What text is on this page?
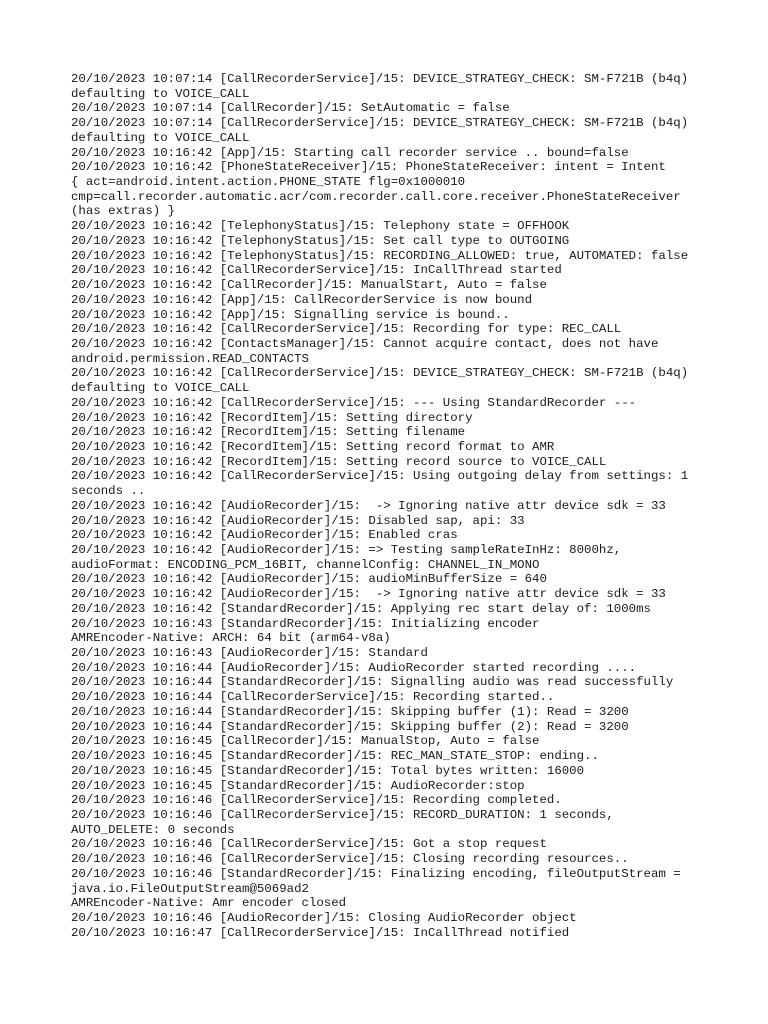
20/10/2023 10:07:14 [CallRecorderService]/15: DEVICE_STRATEGY_CHECK: SM-F721B (b4q)
defaulting to VOICE_CALL
20/10/2023 10:07:14 [CallRecorder]/15: SetAutomatic = false
20/10/2023 10:07:14 [CallRecorderService]/15: DEVICE_STRATEGY_CHECK: SM-F721B (b4q)
defaulting to VOICE_CALL
20/10/2023 10:16:42 [App]/15: Starting call recorder service .. bound=false
20/10/2023 10:16:42 [PhoneStateReceiver]/15: PhoneStateReceiver: intent = Intent
{ act=android.intent.action.PHONE_STATE flg=0x1000010
cmp=call.recorder.automatic.acr/com.recorder.call.core.receiver.PhoneStateReceiver
(has extras) }
20/10/2023 10:16:42 [TelephonyStatus]/15: Telephony state = OFFHOOK
20/10/2023 10:16:42 [TelephonyStatus]/15: Set call type to OUTGOING
20/10/2023 10:16:42 [TelephonyStatus]/15: RECORDING_ALLOWED: true, AUTOMATED: false
20/10/2023 10:16:42 [CallRecorderService]/15: InCallThread started
20/10/2023 10:16:42 [CallRecorder]/15: ManualStart, Auto = false
20/10/2023 10:16:42 [App]/15: CallRecorderService is now bound
20/10/2023 10:16:42 [App]/15: Signalling service is bound..
20/10/2023 10:16:42 [CallRecorderService]/15: Recording for type: REC_CALL
20/10/2023 10:16:42 [ContactsManager]/15: Cannot acquire contact, does not have
android.permission.READ_CONTACTS
20/10/2023 10:16:42 [CallRecorderService]/15: DEVICE_STRATEGY_CHECK: SM-F721B (b4q)
defaulting to VOICE_CALL
20/10/2023 10:16:42 [CallRecorderService]/15: --- Using StandardRecorder ---
20/10/2023 10:16:42 [RecordItem]/15: Setting directory
20/10/2023 10:16:42 [RecordItem]/15: Setting filename
20/10/2023 10:16:42 [RecordItem]/15: Setting record format to AMR
20/10/2023 10:16:42 [RecordItem]/15: Setting record source to VOICE_CALL
20/10/2023 10:16:42 [CallRecorderService]/15: Using outgoing delay from settings: 1
seconds ..
20/10/2023 10:16:42 [AudioRecorder]/15:  -> Ignoring native attr device sdk = 33
20/10/2023 10:16:42 [AudioRecorder]/15: Disabled sap, api: 33
20/10/2023 10:16:42 [AudioRecorder]/15: Enabled cras
20/10/2023 10:16:42 [AudioRecorder]/15: => Testing sampleRateInHz: 8000hz,
audioFormat: ENCODING_PCM_16BIT, channelConfig: CHANNEL_IN_MONO
20/10/2023 10:16:42 [AudioRecorder]/15: audioMinBufferSize = 640
20/10/2023 10:16:42 [AudioRecorder]/15:  -> Ignoring native attr device sdk = 33
20/10/2023 10:16:42 [StandardRecorder]/15: Applying rec start delay of: 1000ms
20/10/2023 10:16:43 [StandardRecorder]/15: Initializing encoder
AMREncoder-Native: ARCH: 64 bit (arm64-v8a)
20/10/2023 10:16:43 [AudioRecorder]/15: Standard
20/10/2023 10:16:44 [AudioRecorder]/15: AudioRecorder started recording ....
20/10/2023 10:16:44 [StandardRecorder]/15: Signalling audio was read successfully
20/10/2023 10:16:44 [CallRecorderService]/15: Recording started..
20/10/2023 10:16:44 [StandardRecorder]/15: Skipping buffer (1): Read = 3200
20/10/2023 10:16:44 [StandardRecorder]/15: Skipping buffer (2): Read = 3200
20/10/2023 10:16:45 [CallRecorder]/15: ManualStop, Auto = false
20/10/2023 10:16:45 [StandardRecorder]/15: REC_MAN_STATE_STOP: ending..
20/10/2023 10:16:45 [StandardRecorder]/15: Total bytes written: 16000
20/10/2023 10:16:45 [StandardRecorder]/15: AudioRecorder:stop
20/10/2023 10:16:46 [CallRecorderService]/15: Recording completed.
20/10/2023 10:16:46 [CallRecorderService]/15: RECORD_DURATION: 1 seconds,
AUTO_DELETE: 0 seconds
20/10/2023 10:16:46 [CallRecorderService]/15: Got a stop request
20/10/2023 10:16:46 [CallRecorderService]/15: Closing recording resources..
20/10/2023 10:16:46 [StandardRecorder]/15: Finalizing encoding, fileOutputStream =
java.io.FileOutputStream@5069ad2
AMREncoder-Native: Amr encoder closed
20/10/2023 10:16:46 [AudioRecorder]/15: Closing AudioRecorder object
20/10/2023 10:16:47 [CallRecorderService]/15: InCallThread notified
